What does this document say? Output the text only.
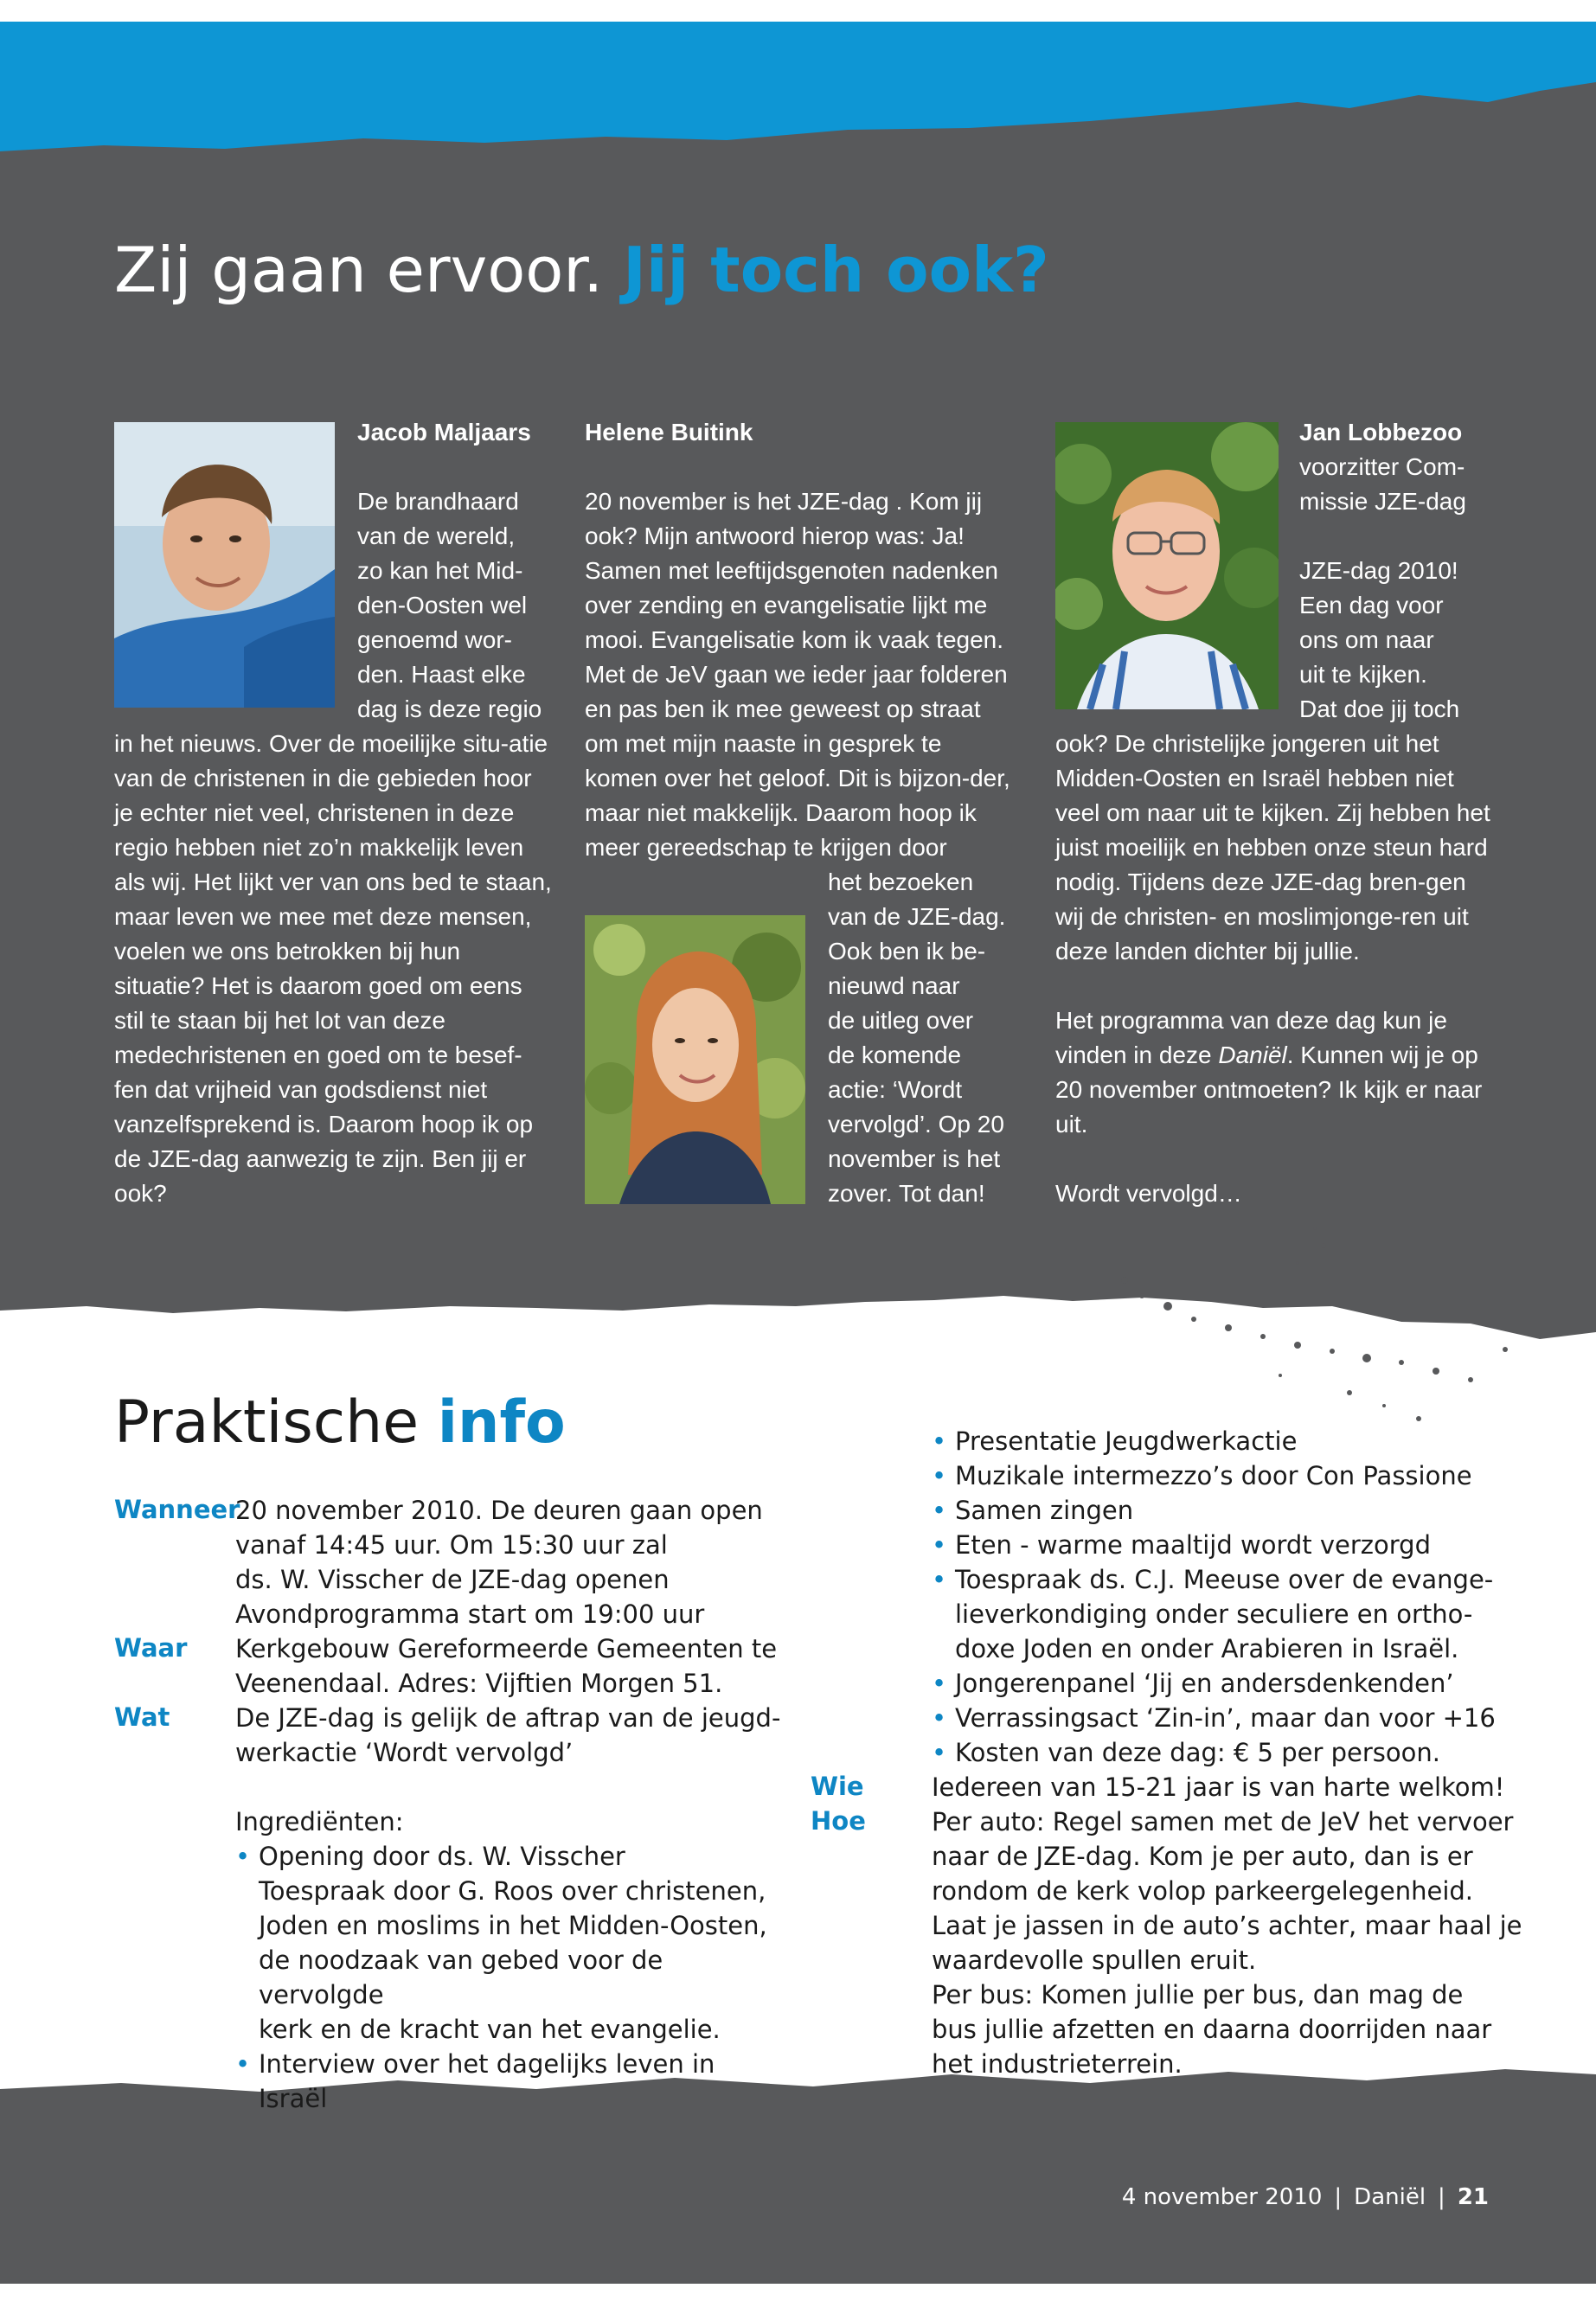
Zij gaan ervoor. Jij toch ook?
Jacob Maljaars
De brandhaard
van de wereld,
zo kan het Mid-
den-Oosten wel
genoemd wor-
den. Haast elke
dag is deze regio

in het nieuws. Over de moeilijke situ-atie van de christenen in die gebieden hoor je echter niet veel, christenen in deze regio hebben niet zo’n makkelijk leven als wij. Het lijkt ver van ons bed te staan, maar leven we mee met deze mensen, voelen we ons betrokken bij hun situatie? Het is daarom goed om eens stil te staan bij het lot van deze medechristenen en goed om te besef-fen dat vrijheid van godsdienst niet vanzelfsprekend is. Daarom hoop ik op de JZE-dag aanwezig te zijn. Ben jij er ook?

Helene Buitink

20 november is het JZE-dag . Kom jij ook? Mijn antwoord hierop was: Ja! Samen met leeftijdsgenoten nadenken over zending en evangelisatie lijkt me mooi. Evangelisatie kom ik vaak tegen. Met de JeV gaan we ieder jaar folderen en pas ben ik mee geweest op straat om met mijn naaste in gesprek te komen over het geloof. Dit is bijzon-der, maar niet makkelijk. Daarom hoop ik meer gereedschap te krijgen door

het bezoeken
van de JZE-dag.
Ook ben ik be-
nieuwd naar
de uitleg over
de komende
actie: ‘Wordt
vervolgd’. Op 20
november is het
zover. Tot dan!
Jan Lobbezoo
voorzitter Com-
missie JZE-dag
JZE-dag 2010!
Een dag voor
ons om naar
uit te kijken.
Dat doe jij toch

ook? De christelijke jongeren uit het Midden-Oosten en Israël hebben niet veel om naar uit te kijken. Zij hebben het juist moeilijk en hebben onze steun hard nodig. Tijdens deze JZE-dag bren-gen wij de christen- en moslimjonge-ren uit deze landen dichter bij jullie.

Het programma van deze dag kun je vinden in deze Daniël. Kunnen wij je op 20 november ontmoeten? Ik kijk er naar uit.

Wordt vervolgd…

Praktische info
Wanneer
Waar
Wat

20 november 2010. De deuren gaan open

vanaf 14:45 uur. Om 15:30 uur zal

ds. W. Visscher de JZE-dag openen

Avondprogramma start om 19:00 uur

Kerkgebouw Gereformeerde Gemeenten te

Veenendaal. Adres: Vijftien Morgen 51.

De JZE-dag is gelijk de aftrap van de jeugd-

werkactie ‘Wordt vervolgd’

Ingrediënten:

• Opening door ds. W. Visscher
Toespraak door G. Roos over christenen,
Joden en moslims in het Midden-Oosten,
de noodzaak van gebed voor de vervolgde
kerk en de kracht van het evangelie.
• Interview over het dagelijks leven in Israël
• Presentatie Jeugdwerkactie
• Muzikale intermezzo’s door Con Passione
• Samen zingen
• Eten - warme maaltijd wordt verzorgd
• Toespraak ds. C.J. Meeuse over de evange-
lieverkondiging onder seculiere en ortho-
doxe Joden en onder Arabieren in Israël.
• Jongerenpanel ‘Jij en andersdenkenden’
• Verrassingsact ‘Zin-in’, maar dan voor +16
• Kosten van deze dag: € 5 per persoon.
Wie
Hoe

Iedereen van 15-21 jaar is van harte welkom!

Per auto: Regel samen met de JeV het vervoer

naar de JZE-dag. Kom je per auto, dan is er

rondom de kerk volop parkeergelegenheid.

Laat je jassen in de auto’s achter, maar haal je

waardevolle spullen eruit.

Per bus: Komen jullie per bus, dan mag de

bus jullie afzetten en daarna doorrijden naar

het industrieterrein.

4 november 2010 | Daniël | 21
